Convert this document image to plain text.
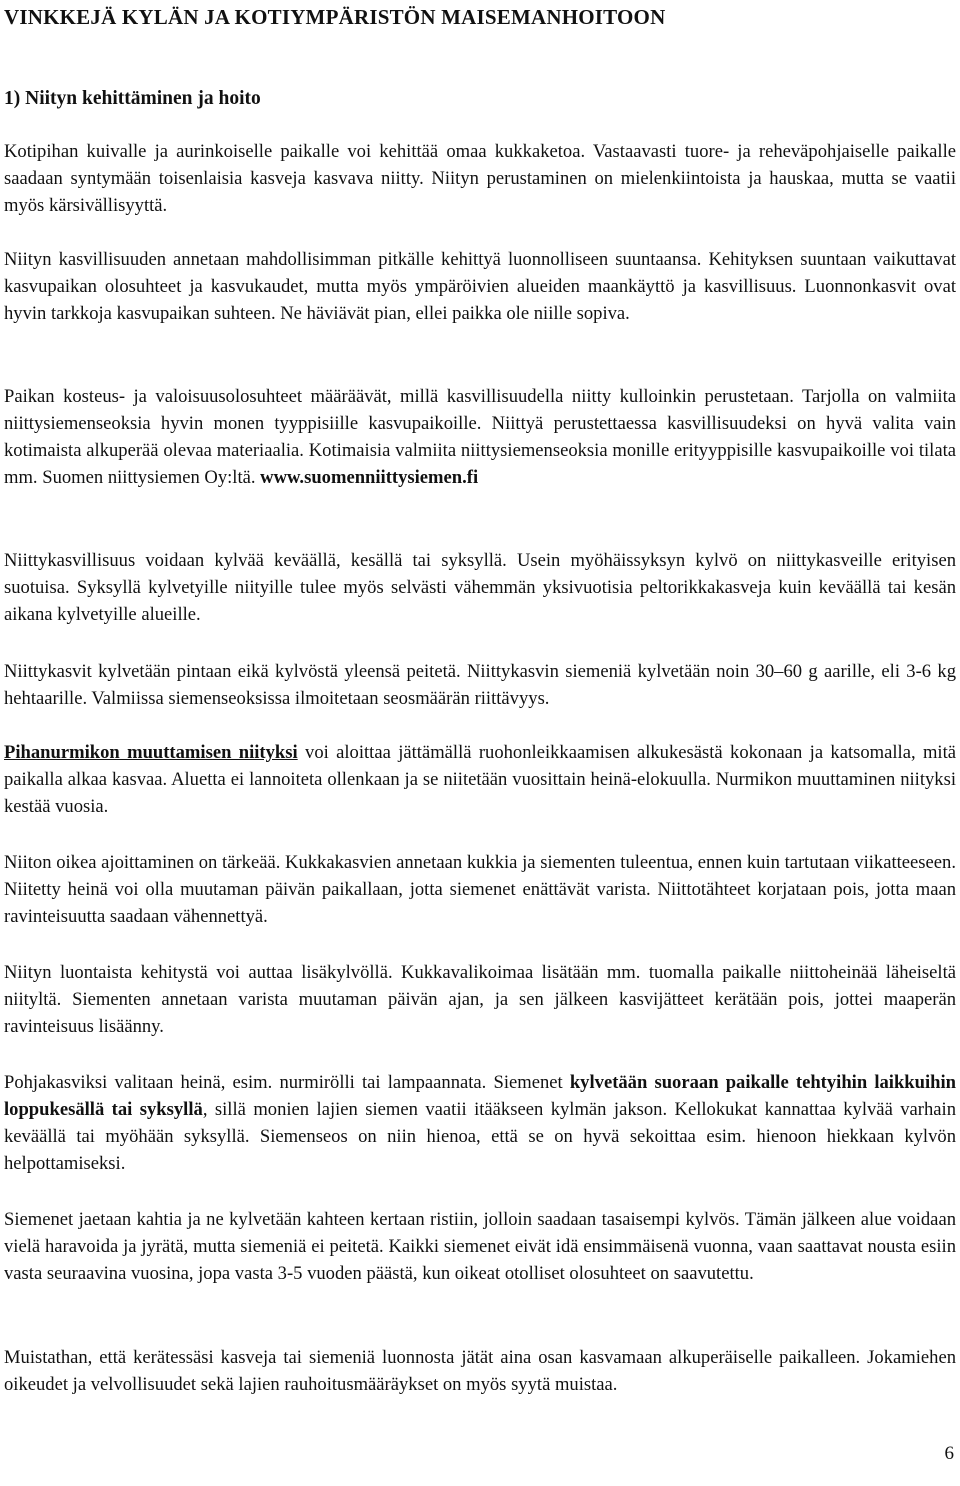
VINKKEJÄ KYLÄN JA KOTIYMPÄRISTÖN MAISEMANHOITOON
1) Niityn kehittäminen ja hoito

Kotipihan kuivalle ja aurinkoiselle paikalle voi kehittää omaa kukkaketoa. Vastaavasti tuore- ja reheväpohjaiselle paikalle saadaan syntymään toisenlaisia kasveja kasvava niitty. Niityn perustaminen on mielenkiintoista ja hauskaa, mutta se vaatii myös kärsivällisyyttä.

Niityn kasvillisuuden annetaan mahdollisimman pitkälle kehittyä luonnolliseen suuntaansa. Kehityksen suuntaan vaikuttavat kasvupaikan olosuhteet ja kasvukaudet, mutta myös ympäröivien alueiden maankäyttö ja kasvillisuus. Luonnonkasvit ovat hyvin tarkkoja kasvupaikan suhteen. Ne häviävät pian, ellei paikka ole niille sopiva.

Paikan kosteus- ja valoisuusolosuhteet määräävät, millä kasvillisuudella niitty kulloinkin perustetaan. Tarjolla on valmiita niittysiemenseoksia hyvin monen tyyppisiille kasvupaikoille. Niittyä perustettaessa kasvillisuudeksi on hyvä valita vain kotimaista alkuperää olevaa materiaalia. Kotimaisia valmiita niittysiemenseoksia monille erityyppisille kasvupaikoille voi tilata mm. Suomen niittysiemen Oy:ltä. www.suomenniittysiemen.fi

Niittykasvillisuus voidaan kylvää keväällä, kesällä tai syksyllä. Usein myöhäissyksyn kylvö on niittykasveille erityisen suotuisa. Syksyllä kylvetyille niityille tulee myös selvästi vähemmän yksivuotisia peltorikkakasveja kuin keväällä tai kesän aikana kylvetyille alueille.

Niittykasvit kylvetään pintaan eikä kylvöstä yleensä peitetä. Niittykasvin siemeniä kylvetään noin 30–60 g aarille, eli 3-6 kg hehtaarille. Valmiissa siemenseoksissa ilmoitetaan seosmäärän riittävyys.

Pihanurmikon muuttamisen niityksi voi aloittaa jättämällä ruohonleikkaamisen alkukesästä kokonaan ja katsomalla, mitä paikalla alkaa kasvaa. Aluetta ei lannoiteta ollenkaan ja se niitetään vuosittain heinä-elokuulla. Nurmikon muuttaminen niityksi kestää vuosia.

Niiton oikea ajoittaminen on tärkeää. Kukkakasvien annetaan kukkia ja siementen tuleentua, ennen kuin tartutaan viikatteeseen. Niitetty heinä voi olla muutaman päivän paikallaan, jotta siemenet enättävät varista. Niittotähteet korjataan pois, jotta maan ravinteisuutta saadaan vähennettyä.

Niityn luontaista kehitystä voi auttaa lisäkylvöllä. Kukkavalikoimaa lisätään mm. tuomalla paikalle niittoheinää läheiseltä niityltä. Siementen annetaan varista muutaman päivän ajan, ja sen jälkeen kasvijätteet kerätään pois, jottei maaperän ravinteisuus lisäänny.

Pohjakasviksi valitaan heinä, esim. nurmirölli tai lampaannata. Siemenet kylvetään suoraan paikalle tehtyihin laikkuihin loppukesällä tai syksyllä, sillä monien lajien siemen vaatii itääkseen kylmän jakson. Kellokukat kannattaa kylvää varhain keväällä tai myöhään syksyllä. Siemenseos on niin hienoa, että se on hyvä sekoittaa esim. hienoon hiekkaan kylvön helpottamiseksi.

Siemenet jaetaan kahtia ja ne kylvetään kahteen kertaan ristiin, jolloin saadaan tasaisempi kylvös. Tämän jälkeen alue voidaan vielä haravoida ja jyrätä, mutta siemeniä ei peitetä. Kaikki siemenet eivät idä ensimmäisenä vuonna, vaan saattavat nousta esiin vasta seuraavina vuosina, jopa vasta 3-5 vuoden päästä, kun oikeat otolliset olosuhteet on saavutettu.

Muistathan, että kerätessäsi kasveja tai siemeniä luonnosta jätät aina osan kasvamaan alkuperäiselle paikalleen. Jokamiehen oikeudet ja velvollisuudet sekä lajien rauhoitusmääräykset on myös syytä muistaa.

6
